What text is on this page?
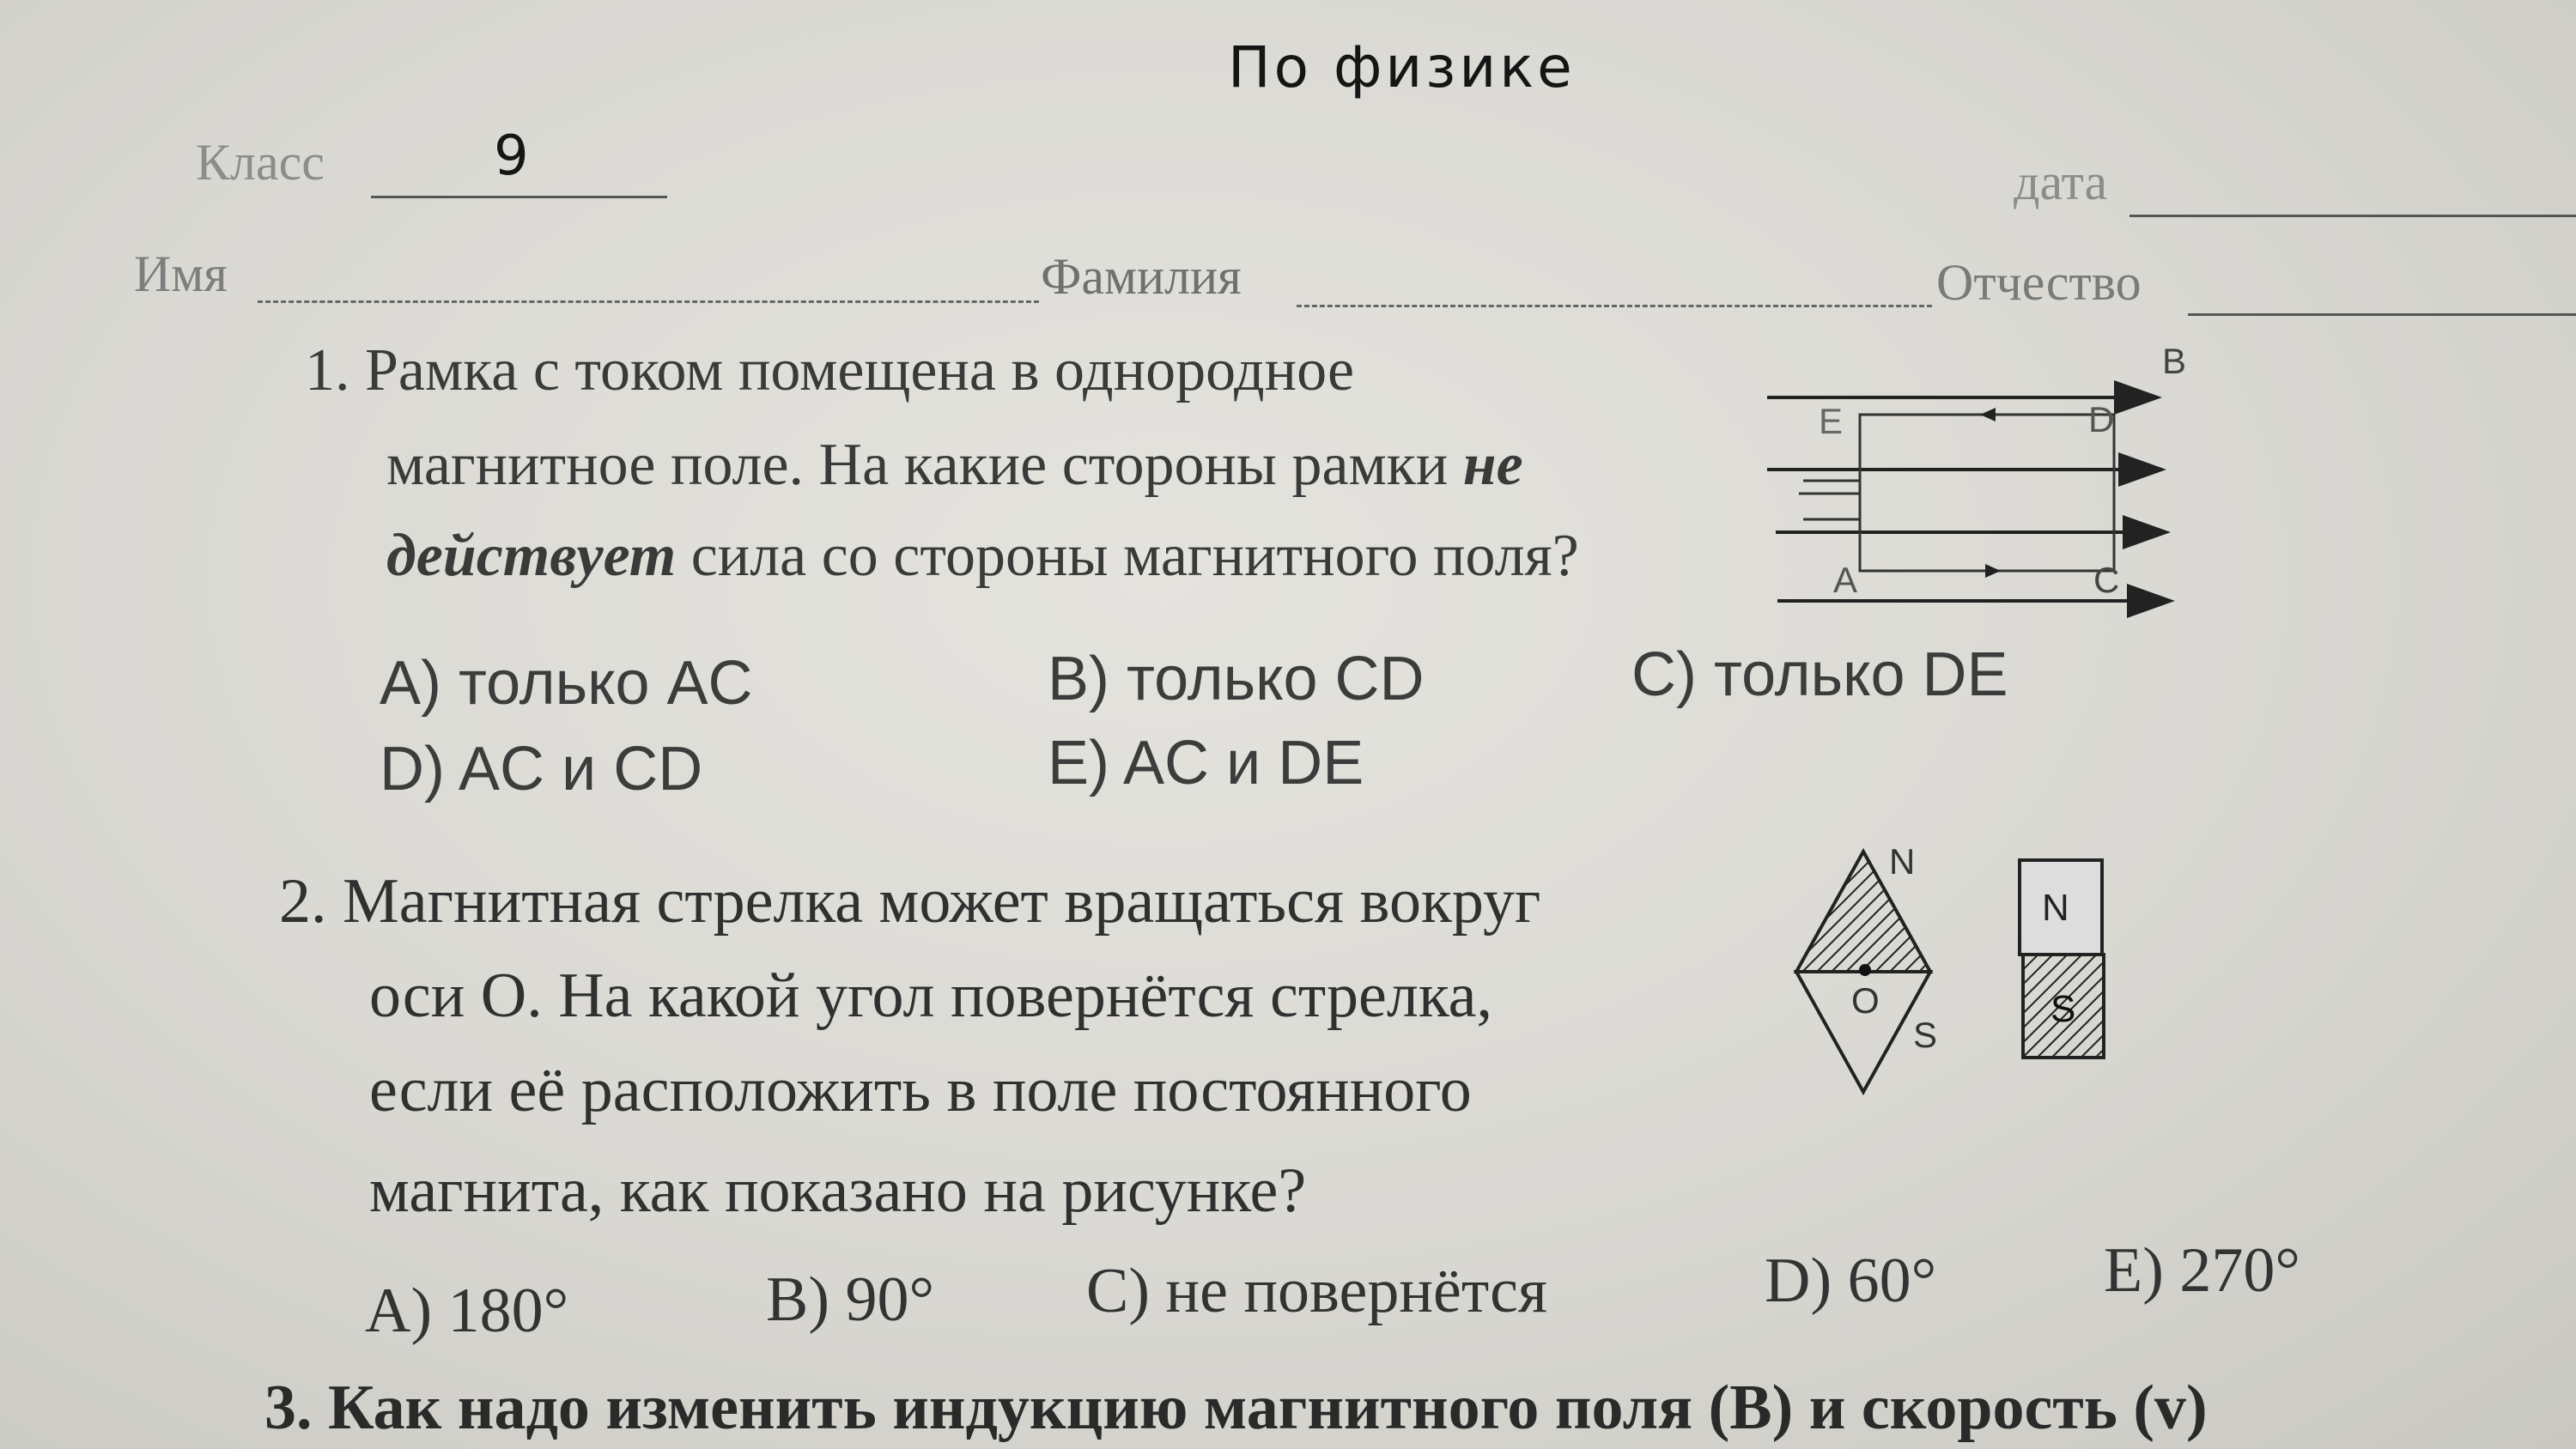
По физике
Класс	9	дата
Имя	Фамилия	Отчество
1. Рамка с током помещена в однородное
магнитное поле. На какие стороны рамки не
действует сила со стороны магнитного поля?
B
E	D
A	C
A) только AC	B) только CD	C) только DE
D) AC и CD	E) AC и DE
2. Магнитная стрелка может вращаться вокруг
оси O. На какой угол повернётся стрелка,
если её расположить в поле постоянного
магнита, как показано на рисунке?
N
O
S
N
S
A) 180°	B) 90° C) не повернётся	D) 60°	E) 270°
3. Как надо изменить индукцию магнитного поля (B) и скорость (v)
